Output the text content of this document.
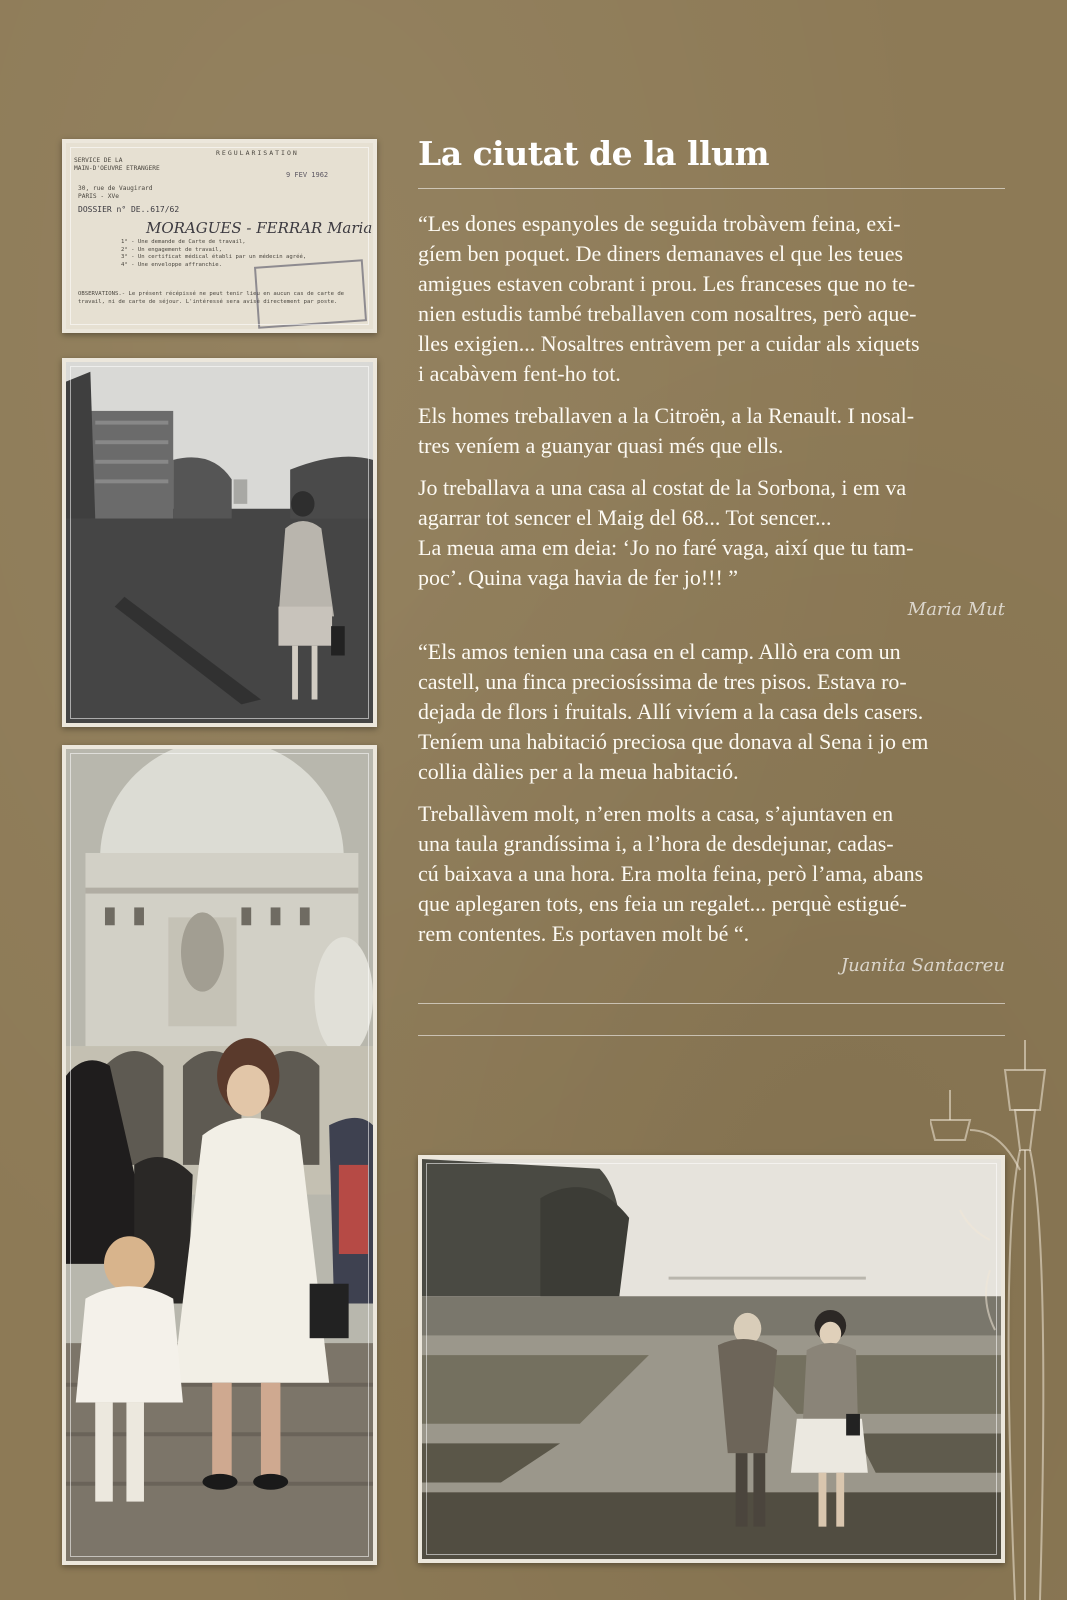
SERVICE DE LA
MAIN-D'OEUVRE ETRANGERE

REGULARISATION
30, rue de Vaugirard
PARIS - XVe
9 FEV 1962
DOSSIER n° DE..617/62
MORAGUES - FERRAR Maria
1° - Une demande de Carte de travail,
2° - Un engagement de travail,
3° - Un certificat médical établi par un médecin agréé,
4° - Une enveloppe affranchie.
OBSERVATIONS.- Le présent récépissé ne peut tenir lieu en aucun cas de carte de travail, ni de carte de séjour. L'intéressé sera avisé directement par poste.
La ciutat de la llum

“Les dones espanyoles de seguida trobàvem feina, exi-
gíem ben poquet. De diners demanaves el que les teues
amigues estaven cobrant i prou. Les franceses que no te-
nien estudis també treballaven com nosaltres, però aque-
lles exigien... Nosaltres entràvem per a cuidar als xiquets
i acabàvem fent-ho tot.

Els homes treballaven a la Citroën, a la Renault. I nosal-
tres veníem a guanyar quasi més que ells.

Jo treballava a una casa al costat de la Sorbona, i em va
agarrar tot sencer el Maig del 68... Tot sencer...
La meua ama em deia: ‘Jo no faré vaga, així que tu tam-
poc’. Quina vaga havia de fer jo!!! ”

Maria Mut

“Els amos tenien una casa en el camp. Allò era com un
castell, una finca preciosíssima de tres pisos. Estava ro-
dejada de flors i fruitals. Allí vivíem a la casa dels casers.
Teníem una habitació preciosa que donava al Sena i jo em
collia dàlies per a la meua habitació.

Treballàvem molt, n’eren molts a casa, s’ajuntaven en
una taula grandíssima i, a l’hora de desdejunar, cadas-
cú baixava a una hora. Era molta feina, però l’ama, abans
que aplegaren tots, ens feia un regalet... perquè estigué-
rem contentes. Es portaven molt bé “.

Juanita Santacreu
